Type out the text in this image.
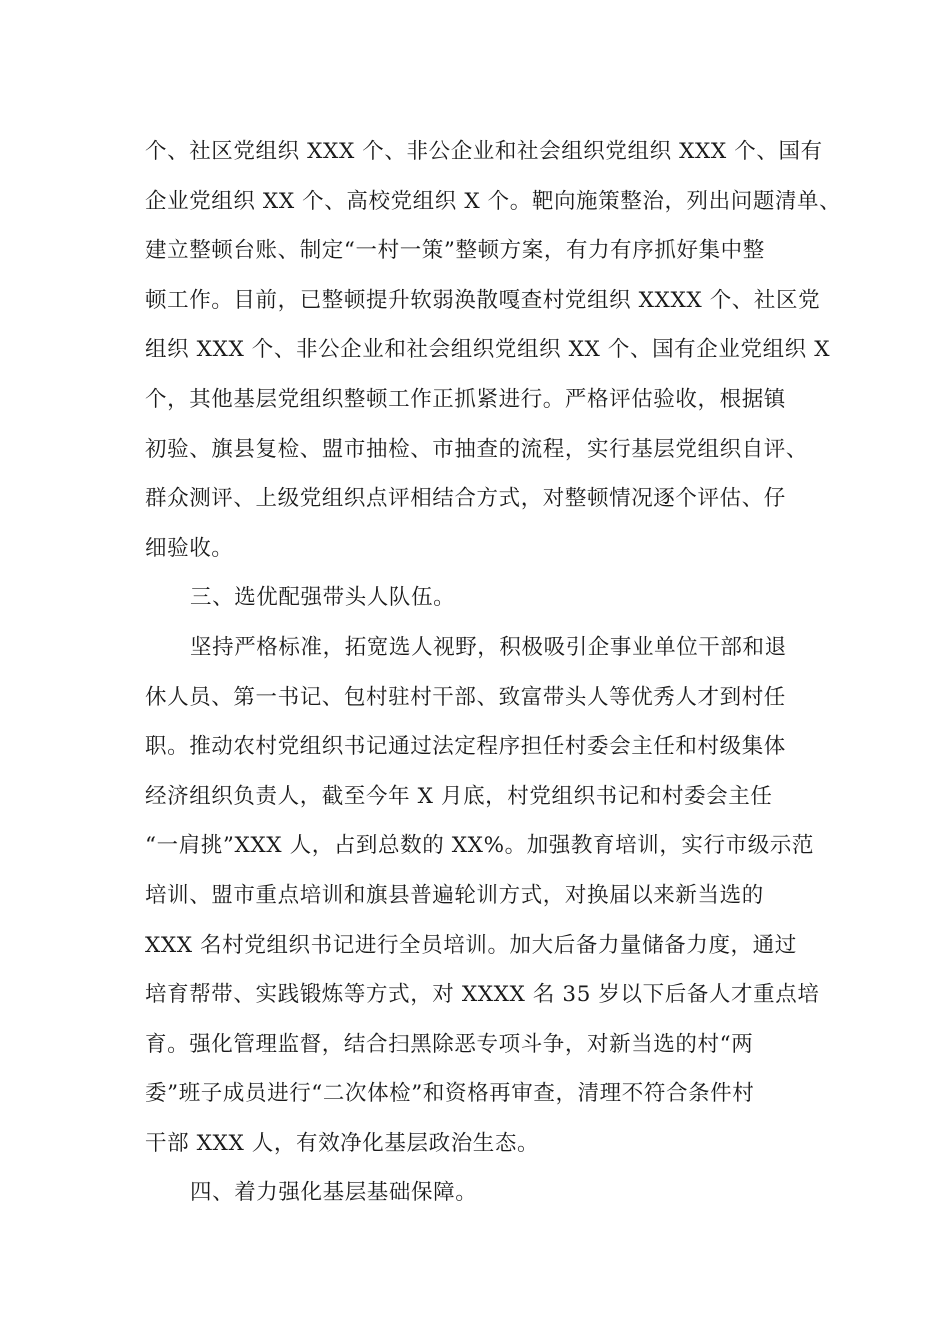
个、社区党组织 XXX 个、非公企业和社会组织党组织 XXX 个、国有
企业党组织 XX 个、高校党组织 X 个。靶向施策整治，列出问题清单、
建立整顿台账、制定“一村一策”整顿方案，有力有序抓好集中整
顿工作。目前，已整顿提升软弱涣散嘎查村党组织 XXXX 个、社区党
组织 XXX 个、非公企业和社会组织党组织 XX 个、国有企业党组织 X
个，其他基层党组织整顿工作正抓紧进行。严格评估验收，根据镇
初验、旗县复检、盟市抽检、市抽查的流程，实行基层党组织自评、
群众测评、上级党组织点评相结合方式，对整顿情况逐个评估、仔
细验收。
三、选优配强带头人队伍。
坚持严格标准，拓宽选人视野，积极吸引企事业单位干部和退
休人员、第一书记、包村驻村干部、致富带头人等优秀人才到村任
职。推动农村党组织书记通过法定程序担任村委会主任和村级集体
经济组织负责人，截至今年 X 月底，村党组织书记和村委会主任
“一肩挑”XXX 人，占到总数的 XX%。加强教育培训，实行市级示范
培训、盟市重点培训和旗县普遍轮训方式，对换届以来新当选的
XXX 名村党组织书记进行全员培训。加大后备力量储备力度，通过
培育帮带、实践锻炼等方式，对 XXXX 名 35 岁以下后备人才重点培
育。强化管理监督，结合扫黑除恶专项斗争，对新当选的村“两
委”班子成员进行“二次体检”和资格再审查，清理不符合条件村
干部 XXX 人，有效净化基层政治生态。
四、着力强化基层基础保障。
